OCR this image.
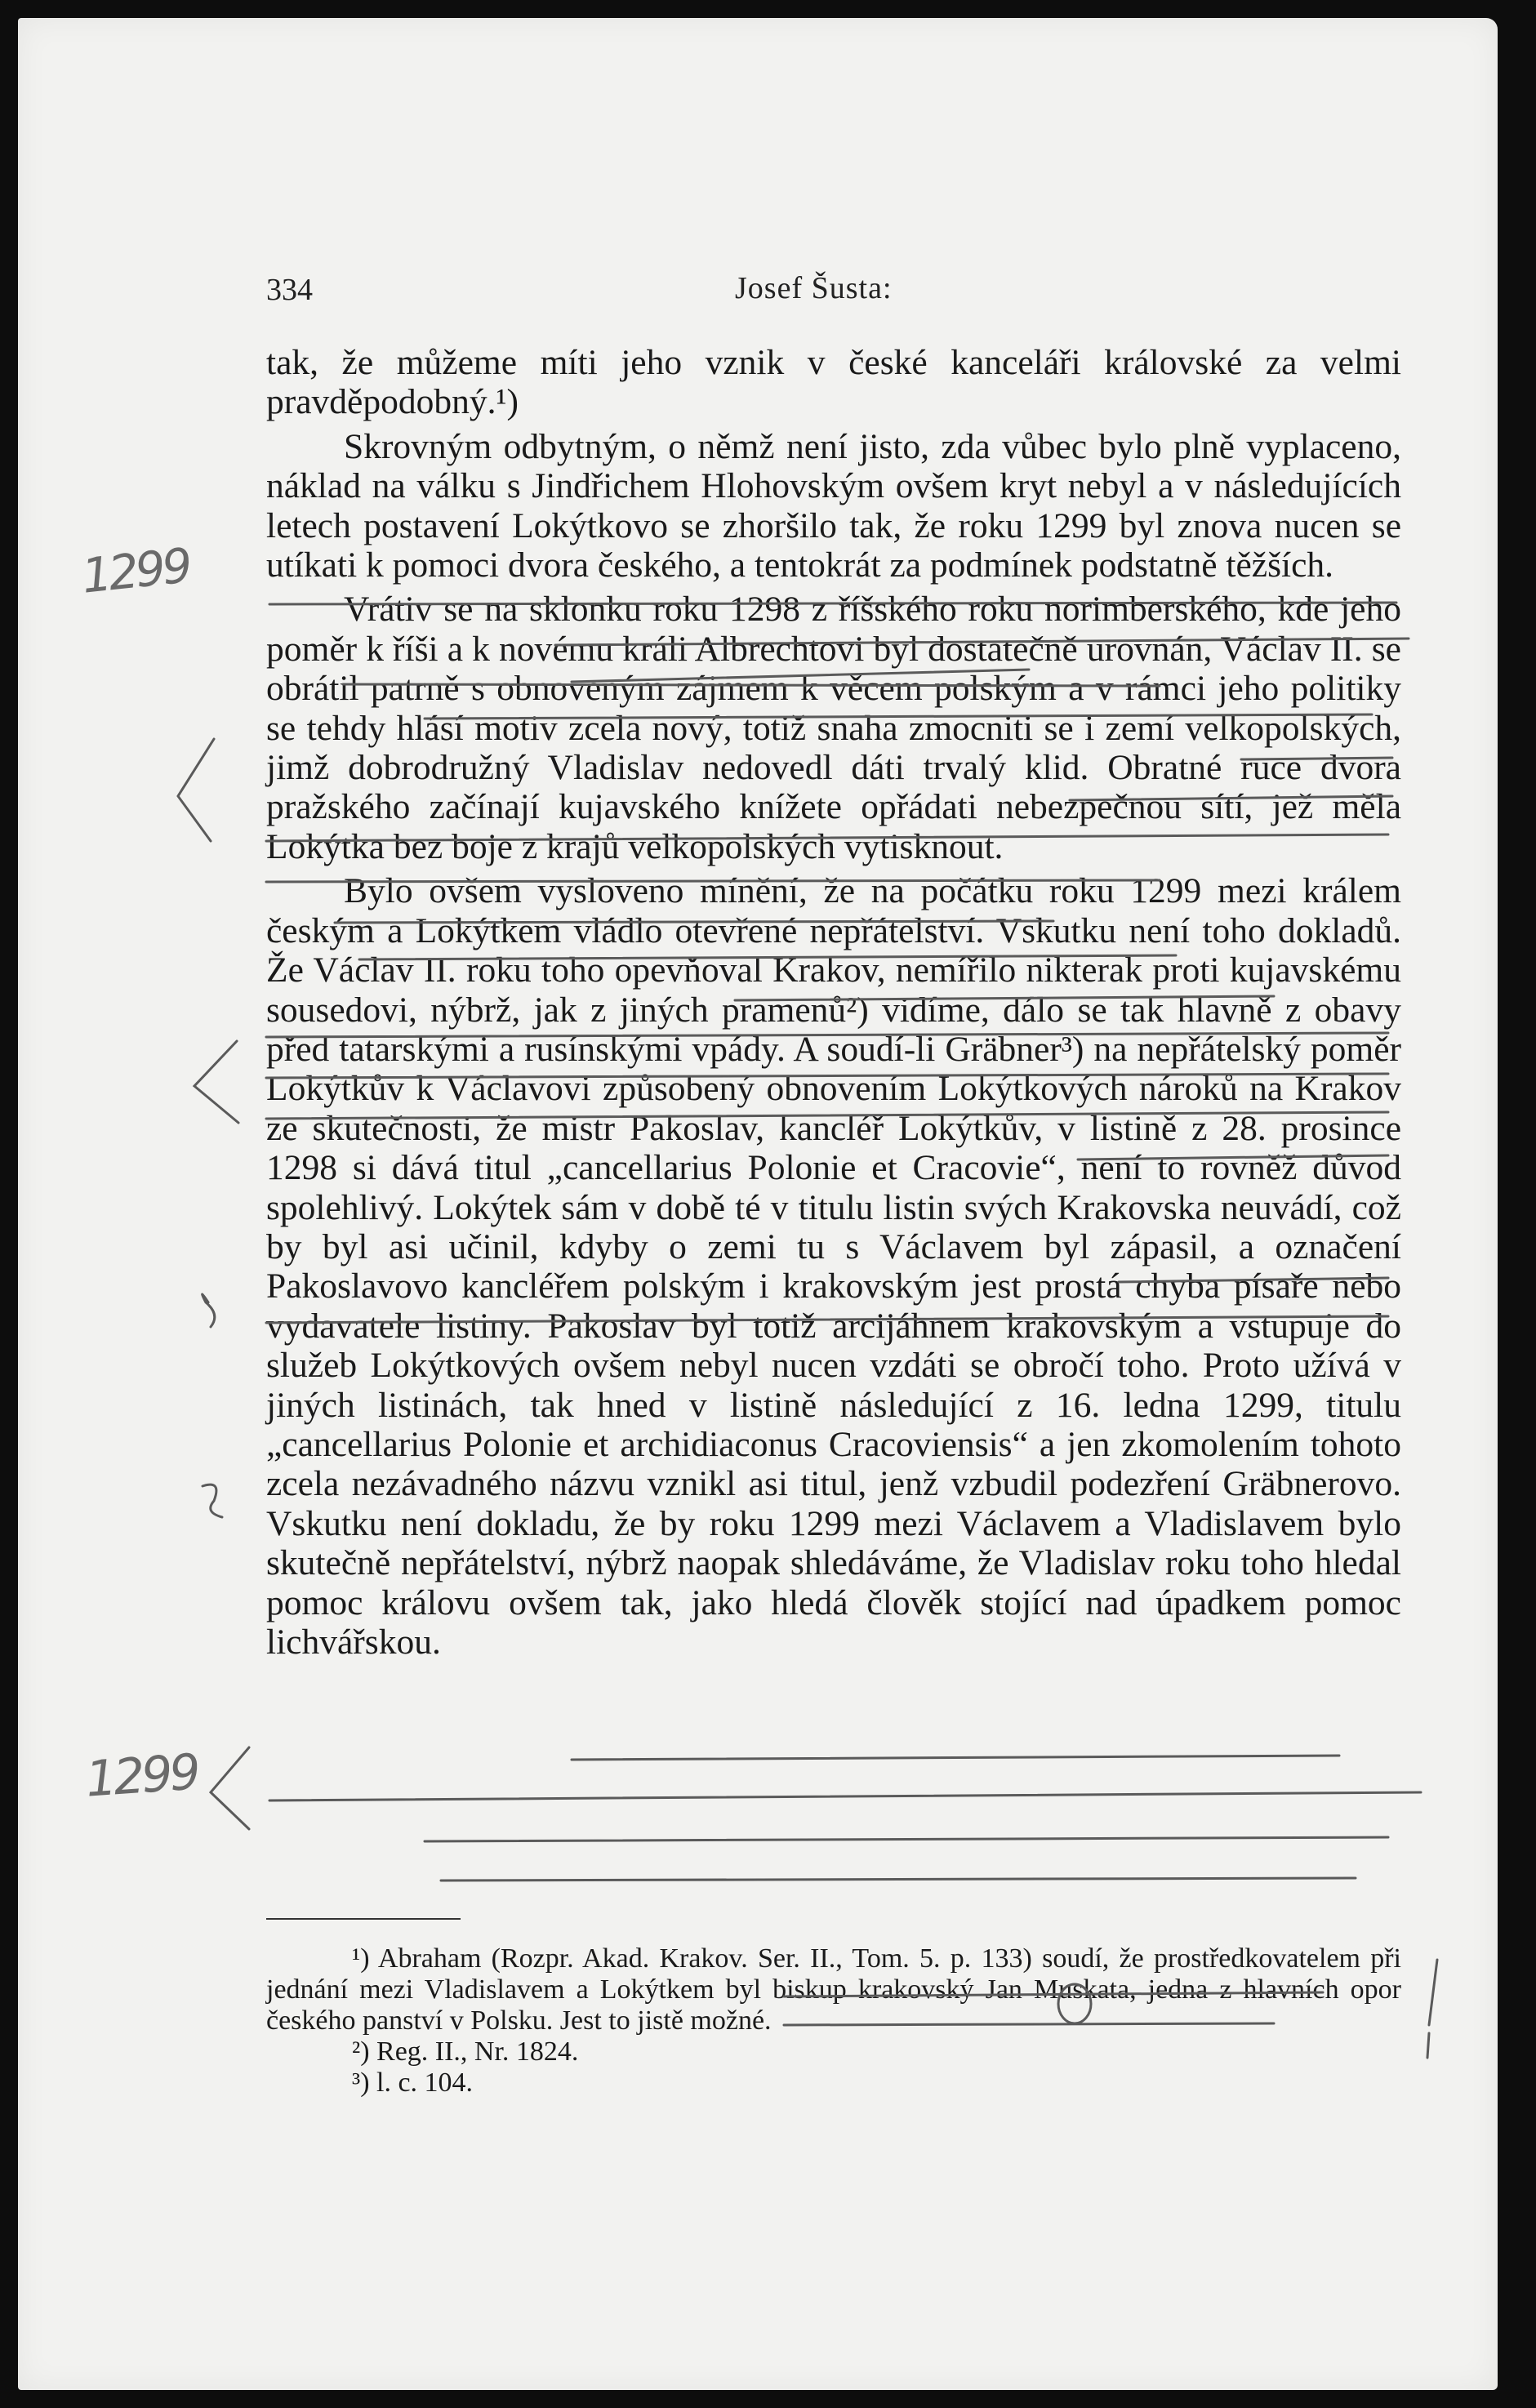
334	Josef Šusta:

tak, že můžeme míti jeho vznik v české kanceláři královské za velmi pravděpodobný.¹)

Skrovným odbytným, o němž není jisto, zda vůbec bylo plně vyplaceno, náklad na válku s Jindřichem Hlohovským ovšem kryt nebyl a v následujících letech postavení Lokýtkovo se zhoršilo tak, že roku 1299 byl znova nucen se utíkati k pomoci dvora českého, a tentokrát za podmínek podstatně těžších.

Vrátiv se na sklonku roku 1298 z říšského roku norimberského, kde jeho poměr k říši a k novému králi Albrechtovi byl dostatečně urovnán, Václav II. se obrátil patrně s obnoveným zájmem k věcem polským a v rámci jeho politiky se tehdy hlásí motiv zcela nový, totiž snaha zmocniti se i zemí velkopolských, jimž dobrodružný Vladislav nedovedl dáti trvalý klid. Obratné ruce dvora pražského začínají kujavského knížete opřádati nebezpečnou sítí, jež měla Lokýtka bez boje z krajů velkopolských vytisknout.

Bylo ovšem vysloveno mínění, že na počátku roku 1299 mezi králem českým a Lokýtkem vládlo otevřené nepřátelství. Vskutku není toho dokladů. Že Václav II. roku toho opevňoval Krakov, nemířilo nikterak proti kujavskému sousedovi, nýbrž, jak z jiných pramenů²) vidíme, dálo se tak hlavně z obavy před tatarskými a rusínskými vpády. A soudí-li Gräbner³) na nepřátelský poměr Lokýtkův k Václavovi způsobený obnovením Lokýtkových nároků na Krakov ze skutečnosti, že mistr Pakoslav, kancléř Lokýtkův, v listině z 28. prosince 1298 si dává titul „cancellarius Polonie et Cracovie“, není to rovněž důvod spolehlivý. Lokýtek sám v době té v titulu listin svých Krakovska neuvádí, což by byl asi učinil, kdyby o zemi tu s Václavem byl zápasil, a označení Pakoslavovo kancléřem polským i krakovským jest prostá chyba písaře nebo vydavatele listiny. Pakoslav byl totiž arcijáhnem krakovským a vstupuje do služeb Lokýtkových ovšem nebyl nucen vzdáti se obročí toho. Proto užívá v jiných listinách, tak hned v listině následující z 16. ledna 1299, titulu „cancellarius Polonie et archidiaconus Cracoviensis“ a jen zkomolením tohoto zcela nezávadného názvu vznikl asi titul, jenž vzbudil podezření Gräbnerovo. Vskutku není dokladu, že by roku 1299 mezi Václavem a Vladislavem bylo skutečně nepřátelství, nýbrž naopak shledáváme, že Vladislav roku toho hledal pomoc královu ovšem tak, jako hledá člověk stojící nad úpadkem pomoc lichvářskou.

¹) Abraham (Rozpr. Akad. Krakov. Ser. II., Tom. 5. p. 133) soudí, že prostředkovatelem při jednání mezi Vladislavem a Lokýtkem byl biskup krakovský Jan Muskata, jedna z hlavních opor českého panství v Polsku. Jest to jistě možné.

²) Reg. II., Nr. 1824.

³) l. c. 104.

1299
1299
